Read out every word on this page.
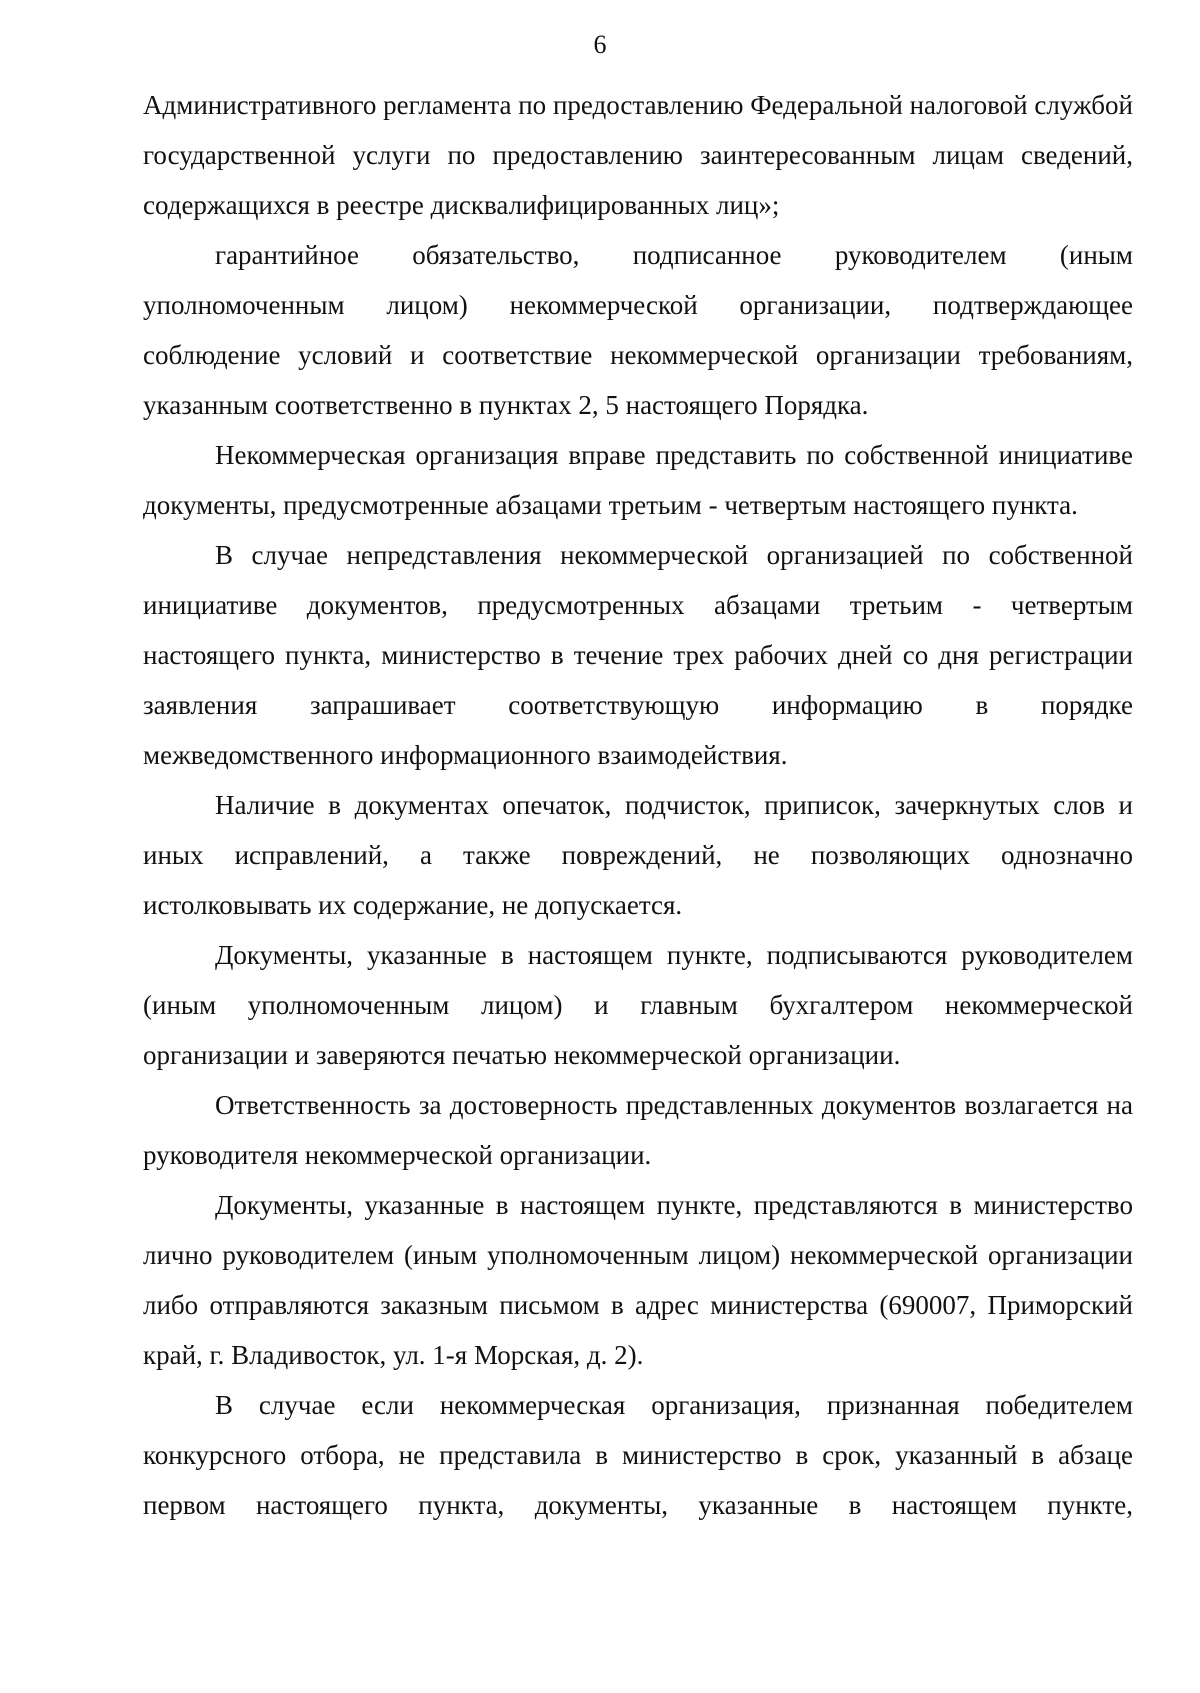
6

Административного регламента по предоставлению Федеральной налоговой службой государственной услуги по предоставлению заинтересованным лицам сведений, содержащихся в реестре дисквалифицированных лиц»;

гарантийное обязательство, подписанное руководителем (иным уполномоченным лицом) некоммерческой организации, подтверждающее соблюдение условий и соответствие некоммерческой организации требованиям, указанным соответственно в пунктах 2, 5 настоящего Порядка.

Некоммерческая организация вправе представить по собственной инициативе документы, предусмотренные абзацами третьим - четвертым настоящего пункта.

В случае непредставления некоммерческой организацией по собственной инициативе документов, предусмотренных абзацами третьим - четвертым настоящего пункта, министерство в течение трех рабочих дней со дня регистрации заявления запрашивает соответствующую информацию в порядке межведомственного информационного взаимодействия.

Наличие в документах опечаток, подчисток, приписок, зачеркнутых слов и иных исправлений, а также повреждений, не позволяющих однозначно истолковывать их содержание, не допускается.

Документы, указанные в настоящем пункте, подписываются руководителем (иным уполномоченным лицом) и главным бухгалтером некоммерческой организации и заверяются печатью некоммерческой организации.

Ответственность за достоверность представленных документов возлагается на руководителя некоммерческой организации.

Документы, указанные в настоящем пункте, представляются в министерство лично руководителем (иным уполномоченным лицом) некоммерческой организации либо отправляются заказным письмом в адрес министерства (690007, Приморский край, г. Владивосток, ул. 1-я Морская, д. 2).

В случае если некоммерческая организация, признанная победителем конкурсного отбора, не представила в министерство в срок, указанный в абзаце первом настоящего пункта, документы, указанные в настоящем пункте,
